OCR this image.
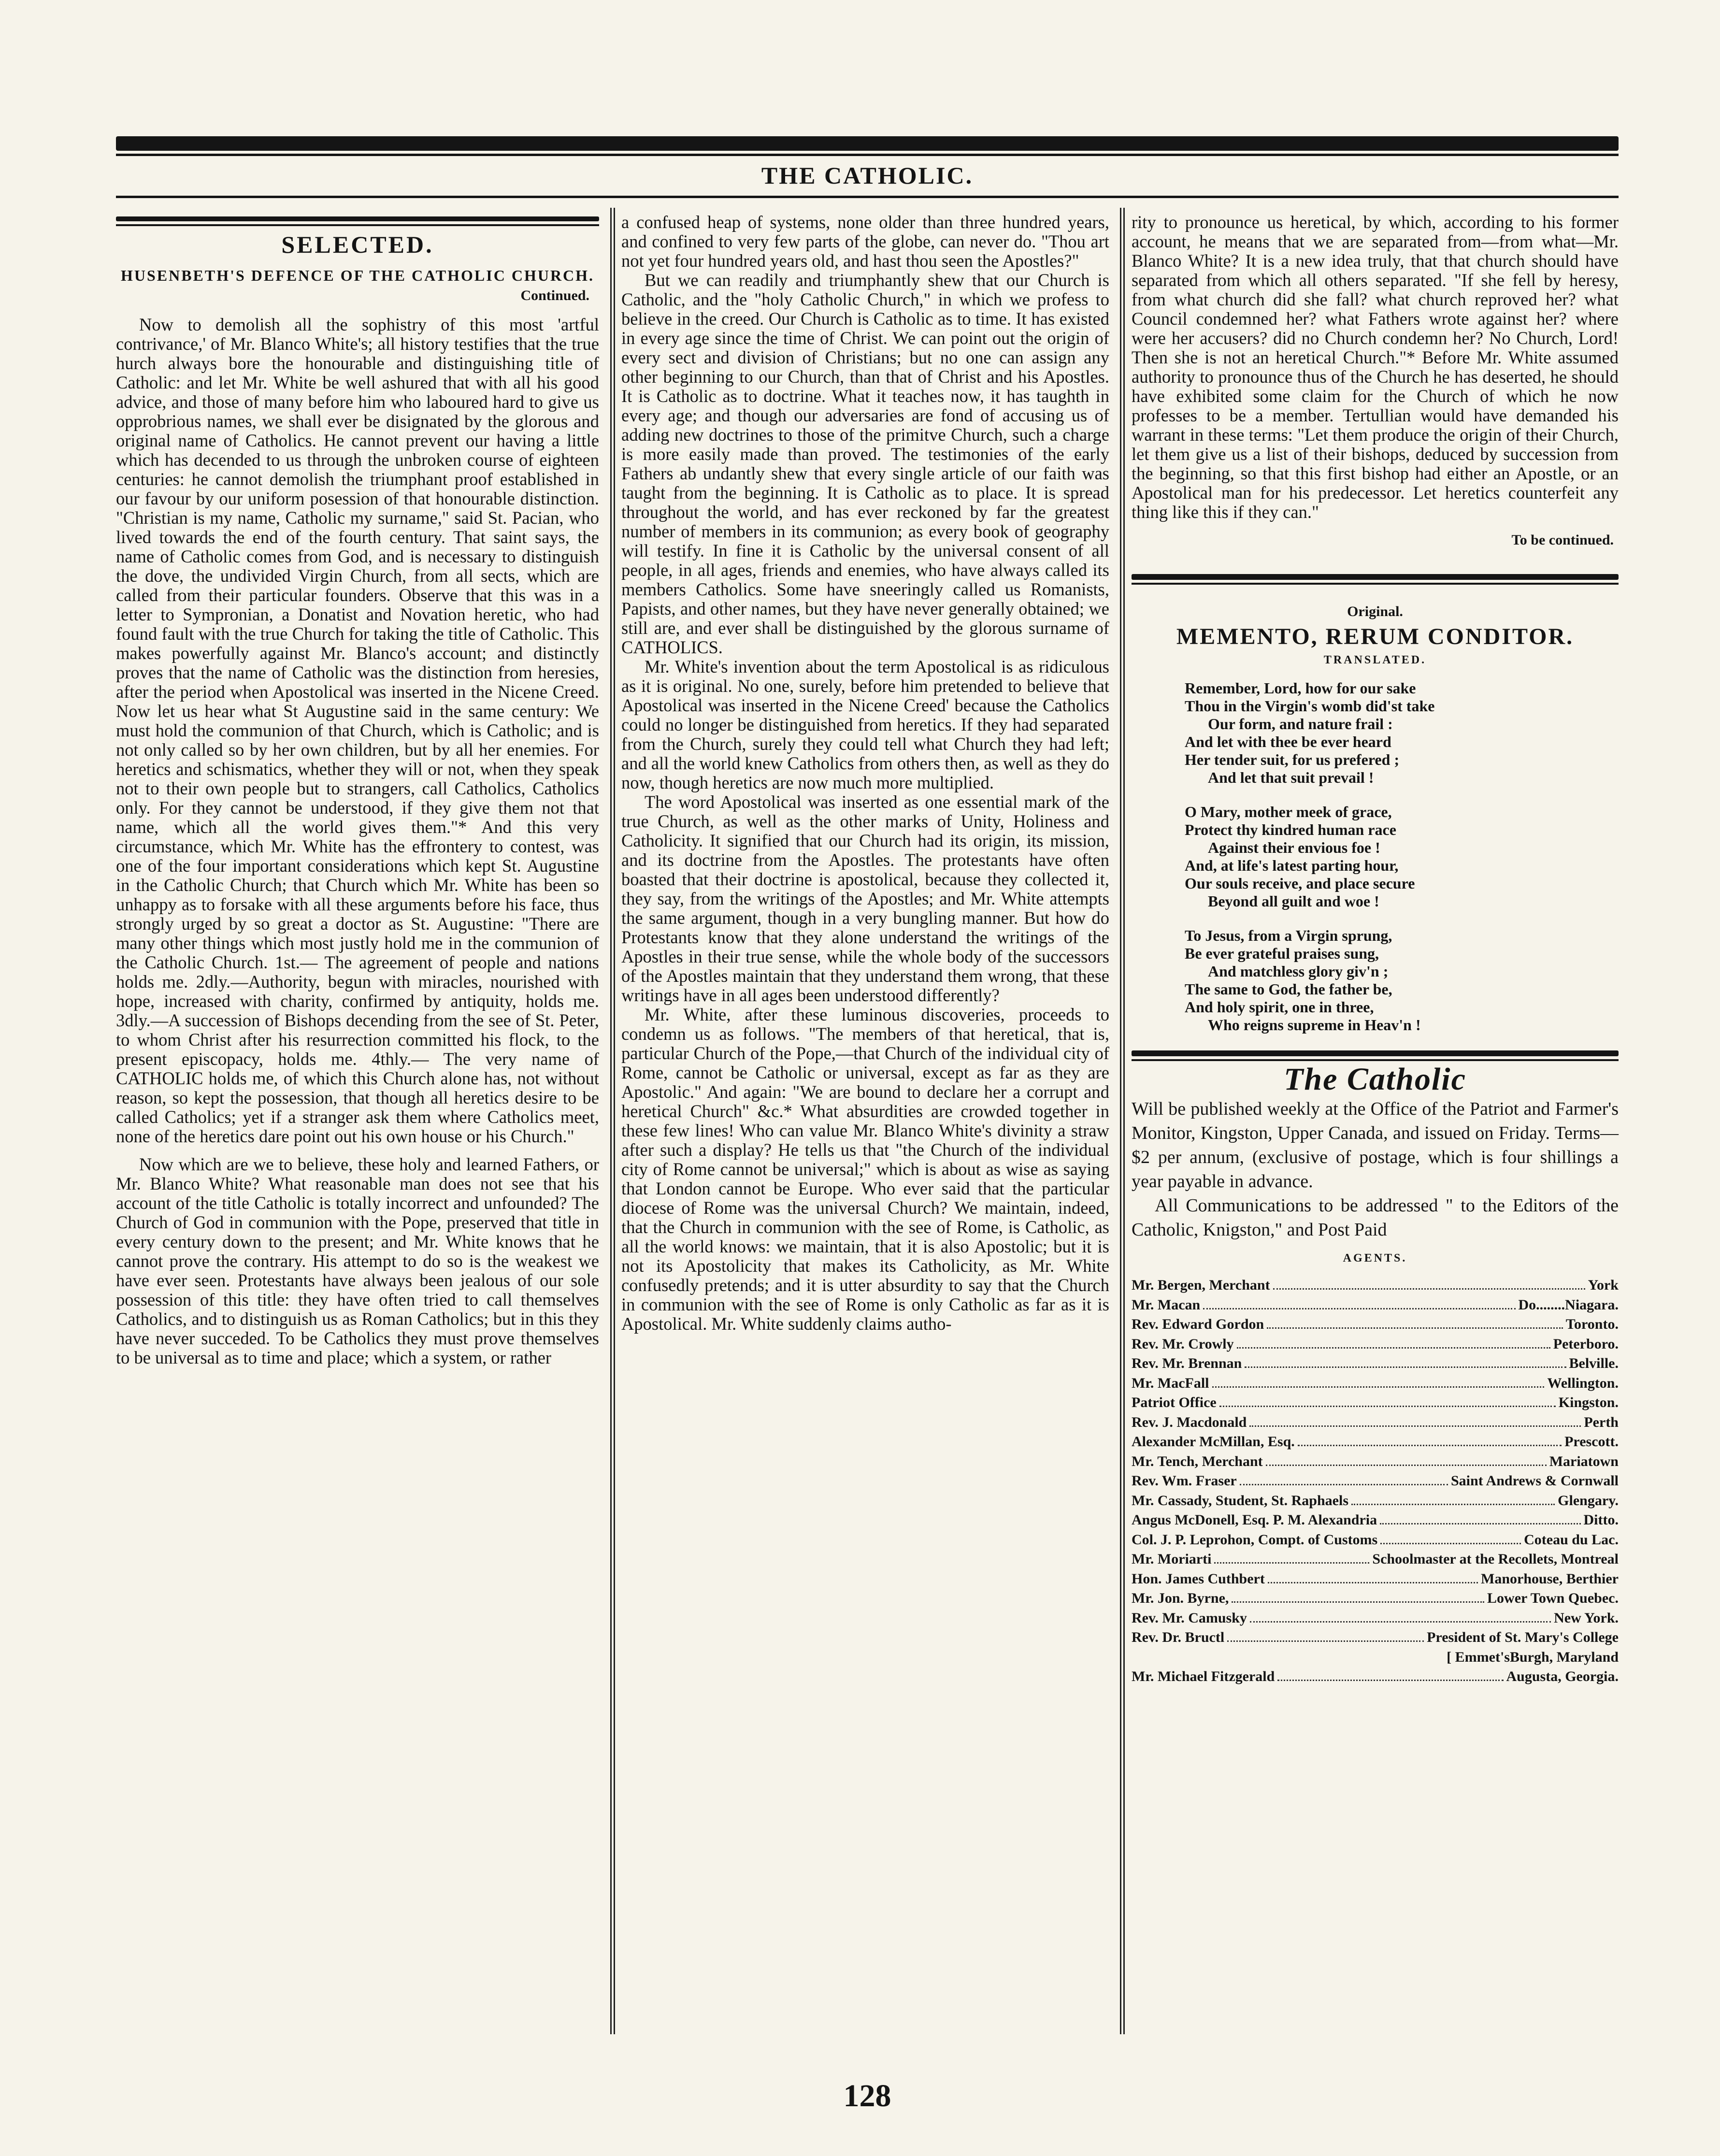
THE CATHOLIC.
SELECTED.
HUSENBETH'S DEFENCE OF THE CATHOLIC CHURCH.
Continued.

Now to demolish all the sophistry of this most 'artful contrivance,' of Mr. Blanco White's; all history testifies that the true hurch always bore the honourable and distinguishing title of Catholic: and let Mr. White be well ashured that with all his good advice, and those of many before him who laboured hard to give us opprobrious names, we shall ever be disignated by the glorous and original name of Catholics. He cannot prevent our having a little which has decended to us through the unbroken course of eighteen centuries: he cannot demolish the triumphant proof established in our favour by our uniform posession of that honourable distinction. "Christian is my name, Catholic my surname," said St. Pacian, who lived towards the end of the fourth century. That saint says, the name of Catholic comes from God, and is necessary to distinguish the dove, the undivided Virgin Church, from all sects, which are called from their particular founders. Observe that this was in a letter to Sympronian, a Donatist and Novation heretic, who had found fault with the true Church for taking the title of Catholic. This makes powerfully against Mr. Blanco's account; and distinctly proves that the name of Catholic was the distinction from heresies, after the period when Apostolical was inserted in the Nicene Creed. Now let us hear what St Augustine said in the same century: We must hold the communion of that Church, which is Catholic; and is not only called so by her own children, but by all her enemies. For heretics and schismatics, whether they will or not, when they speak not to their own people but to strangers, call Catholics, Catholics only. For they cannot be understood, if they give them not that name, which all the world gives them."* And this very circumstance, which Mr. White has the effrontery to contest, was one of the four important considerations which kept St. Augustine in the Catholic Church; that Church which Mr. White has been so unhappy as to forsake with all these arguments before his face, thus strongly urged by so great a doctor as St. Augustine: "There are many other things which most justly hold me in the communion of the Catholic Church. 1st.— The agreement of people and nations holds me. 2dly.—Authority, begun with miracles, nourished with hope, increased with charity, confirmed by antiquity, holds me. 3dly.—A succession of Bishops decending from the see of St. Peter, to whom Christ after his resurrection committed his flock, to the present episcopacy, holds me. 4thly.— The very name of CATHOLIC holds me, of which this Church alone has, not without reason, so kept the possession, that though all heretics desire to be called Catholics; yet if a stranger ask them where Catholics meet, none of the heretics dare point out his own house or his Church."

Now which are we to believe, these holy and learned Fathers, or Mr. Blanco White? What reasonable man does not see that his account of the title Catholic is totally incorrect and unfounded? The Church of God in communion with the Pope, preserved that title in every century down to the present; and Mr. White knows that he cannot prove the contrary. His attempt to do so is the weakest we have ever seen. Protestants have always been jealous of our sole possession of this title: they have often tried to call themselves Catholics, and to distinguish us as Roman Catholics; but in this they have never succeded. To be Catholics they must prove themselves to be universal as to time and place; which a system, or rather

a confused heap of systems, none older than three hundred years, and confined to very few parts of the globe, can never do. "Thou art not yet four hundred years old, and hast thou seen the Apostles?"

But we can readily and triumphantly shew that our Church is Catholic, and the "holy Catholic Church," in which we profess to believe in the creed. Our Church is Catholic as to time. It has existed in every age since the time of Christ. We can point out the origin of every sect and division of Christians; but no one can assign any other beginning to our Church, than that of Christ and his Apostles. It is Catholic as to doctrine. What it teaches now, it has taughth in every age; and though our adversaries are fond of accusing us of adding new doctrines to those of the primitve Church, such a charge is more easily made than proved. The testimonies of the early Fathers ab undantly shew that every single article of our faith was taught from the beginning. It is Catholic as to place. It is spread throughout the world, and has ever reckoned by far the greatest number of members in its communion; as every book of geography will testify. In fine it is Catholic by the universal consent of all people, in all ages, friends and enemies, who have always called its members Catholics. Some have sneeringly called us Romanists, Papists, and other names, but they have never generally obtained; we still are, and ever shall be distinguished by the glorous surname of CATHOLICS.

Mr. White's invention about the term Apostolical is as ridiculous as it is original. No one, surely, before him pretended to believe that Apostolical was inserted in the Nicene Creed' because the Catholics could no longer be distinguished from heretics. If they had separated from the Church, surely they could tell what Church they had left; and all the world knew Catholics from others then, as well as they do now, though heretics are now much more multiplied.

The word Apostolical was inserted as one essential mark of the true Church, as well as the other marks of Unity, Holiness and Catholicity. It signified that our Church had its origin, its mission, and its doctrine from the Apostles. The protestants have often boasted that their doctrine is apostolical, because they collected it, they say, from the writings of the Apostles; and Mr. White attempts the same argument, though in a very bungling manner. But how do Protestants know that they alone understand the writings of the Apostles in their true sense, while the whole body of the successors of the Apostles maintain that they understand them wrong, that these writings have in all ages been understood differently?

Mr. White, after these luminous discoveries, proceeds to condemn us as follows. "The members of that heretical, that is, particular Church of the Pope,—that Church of the individual city of Rome, cannot be Catholic or universal, except as far as they are Apostolic." And again: "We are bound to declare her a corrupt and heretical Church" &c.* What absurdities are crowded together in these few lines! Who can value Mr. Blanco White's divinity a straw after such a display? He tells us that "the Church of the individual city of Rome cannot be universal;" which is about as wise as saying that London cannot be Europe. Who ever said that the particular diocese of Rome was the universal Church? We maintain, indeed, that the Church in communion with the see of Rome, is Catholic, as all the world knows: we maintain, that it is also Apostolic; but it is not its Apostolicity that makes its Catholicity, as Mr. White confusedly pretends; and it is utter absurdity to say that the Church in communion with the see of Rome is only Catholic as far as it is Apostolical. Mr. White suddenly claims autho-

rity to pronounce us heretical, by which, according to his former account, he means that we are separated from—from what—Mr. Blanco White? It is a new idea truly, that that church should have separated from which all others separated. "If she fell by heresy, from what church did she fall? what church reproved her? what Council condemned her? what Fathers wrote against her? where were her accusers? did no Church condemn her? No Church, Lord! Then she is not an heretical Church."* Before Mr. White assumed authority to pronounce thus of the Church he has deserted, he should have exhibited some claim for the Church of which he now professes to be a member. Tertullian would have demanded his warrant in these terms: "Let them produce the origin of their Church, let them give us a list of their bishops, deduced by succession from the beginning, so that this first bishop had either an Apostle, or an Apostolical man for his predecessor. Let heretics counterfeit any thing like this if they can."

To be continued.
Original.
MEMENTO, RERUM CONDITOR.
TRANSLATED.
Remember, Lord, how for our sake
Thou in the Virgin's womb did'st take
Our form, and nature frail :
And let with thee be ever heard
Her tender suit, for us prefered ;
And let that suit prevail !
O Mary, mother meek of grace,
Protect thy kindred human race
Against their envious foe !
And, at life's latest parting hour,
Our souls receive, and place secure
Beyond all guilt and woe !
To Jesus, from a Virgin sprung,
Be ever grateful praises sung,
And matchless glory giv'n ;
The same to God, the father be,
And holy spirit, one in three,
Who reigns supreme in Heav'n !
The Catholic

Will be published weekly at the Office of the Patriot and Farmer's Monitor, Kingston, Upper Canada, and issued on Friday. Terms—$2 per annum, (exclusive of postage, which is four shillings a year payable in advance.

All Communications to be addressed " to the Editors of the Catholic, Knigston," and Post Paid

AGENTS.
Mr. Bergen, Merchant	York
Mr. Macan	Do........Niagara.
Rev. Edward Gordon	Toronto.
Rev. Mr. Crowly	Peterboro.
Rev. Mr. Brennan	Belville.
Mr. MacFall	Wellington.
Patriot Office	Kingston.
Rev. J. Macdonald	Perth
Alexander McMillan, Esq.	Prescott.
Mr. Tench, Merchant	Mariatown
Rev. Wm. Fraser	Saint Andrews & Cornwall
Mr. Cassady, Student, St. Raphaels	Glengary.
Angus McDonell, Esq. P. M. Alexandria	Ditto.
Col. J. P. Leprohon, Compt. of Customs	Coteau du Lac.
Mr. Moriarti	Schoolmaster at the Recollets, Montreal
Hon. James Cuthbert	Manorhouse, Berthier
Mr. Jon. Byrne,	Lower Town Quebec.
Rev. Mr. Camusky	New York.
Rev. Dr. Bructl	President of St. Mary's College
[ Emmet'sBurgh, Maryland
Mr. Michael Fitzgerald	Augusta, Georgia.
128
